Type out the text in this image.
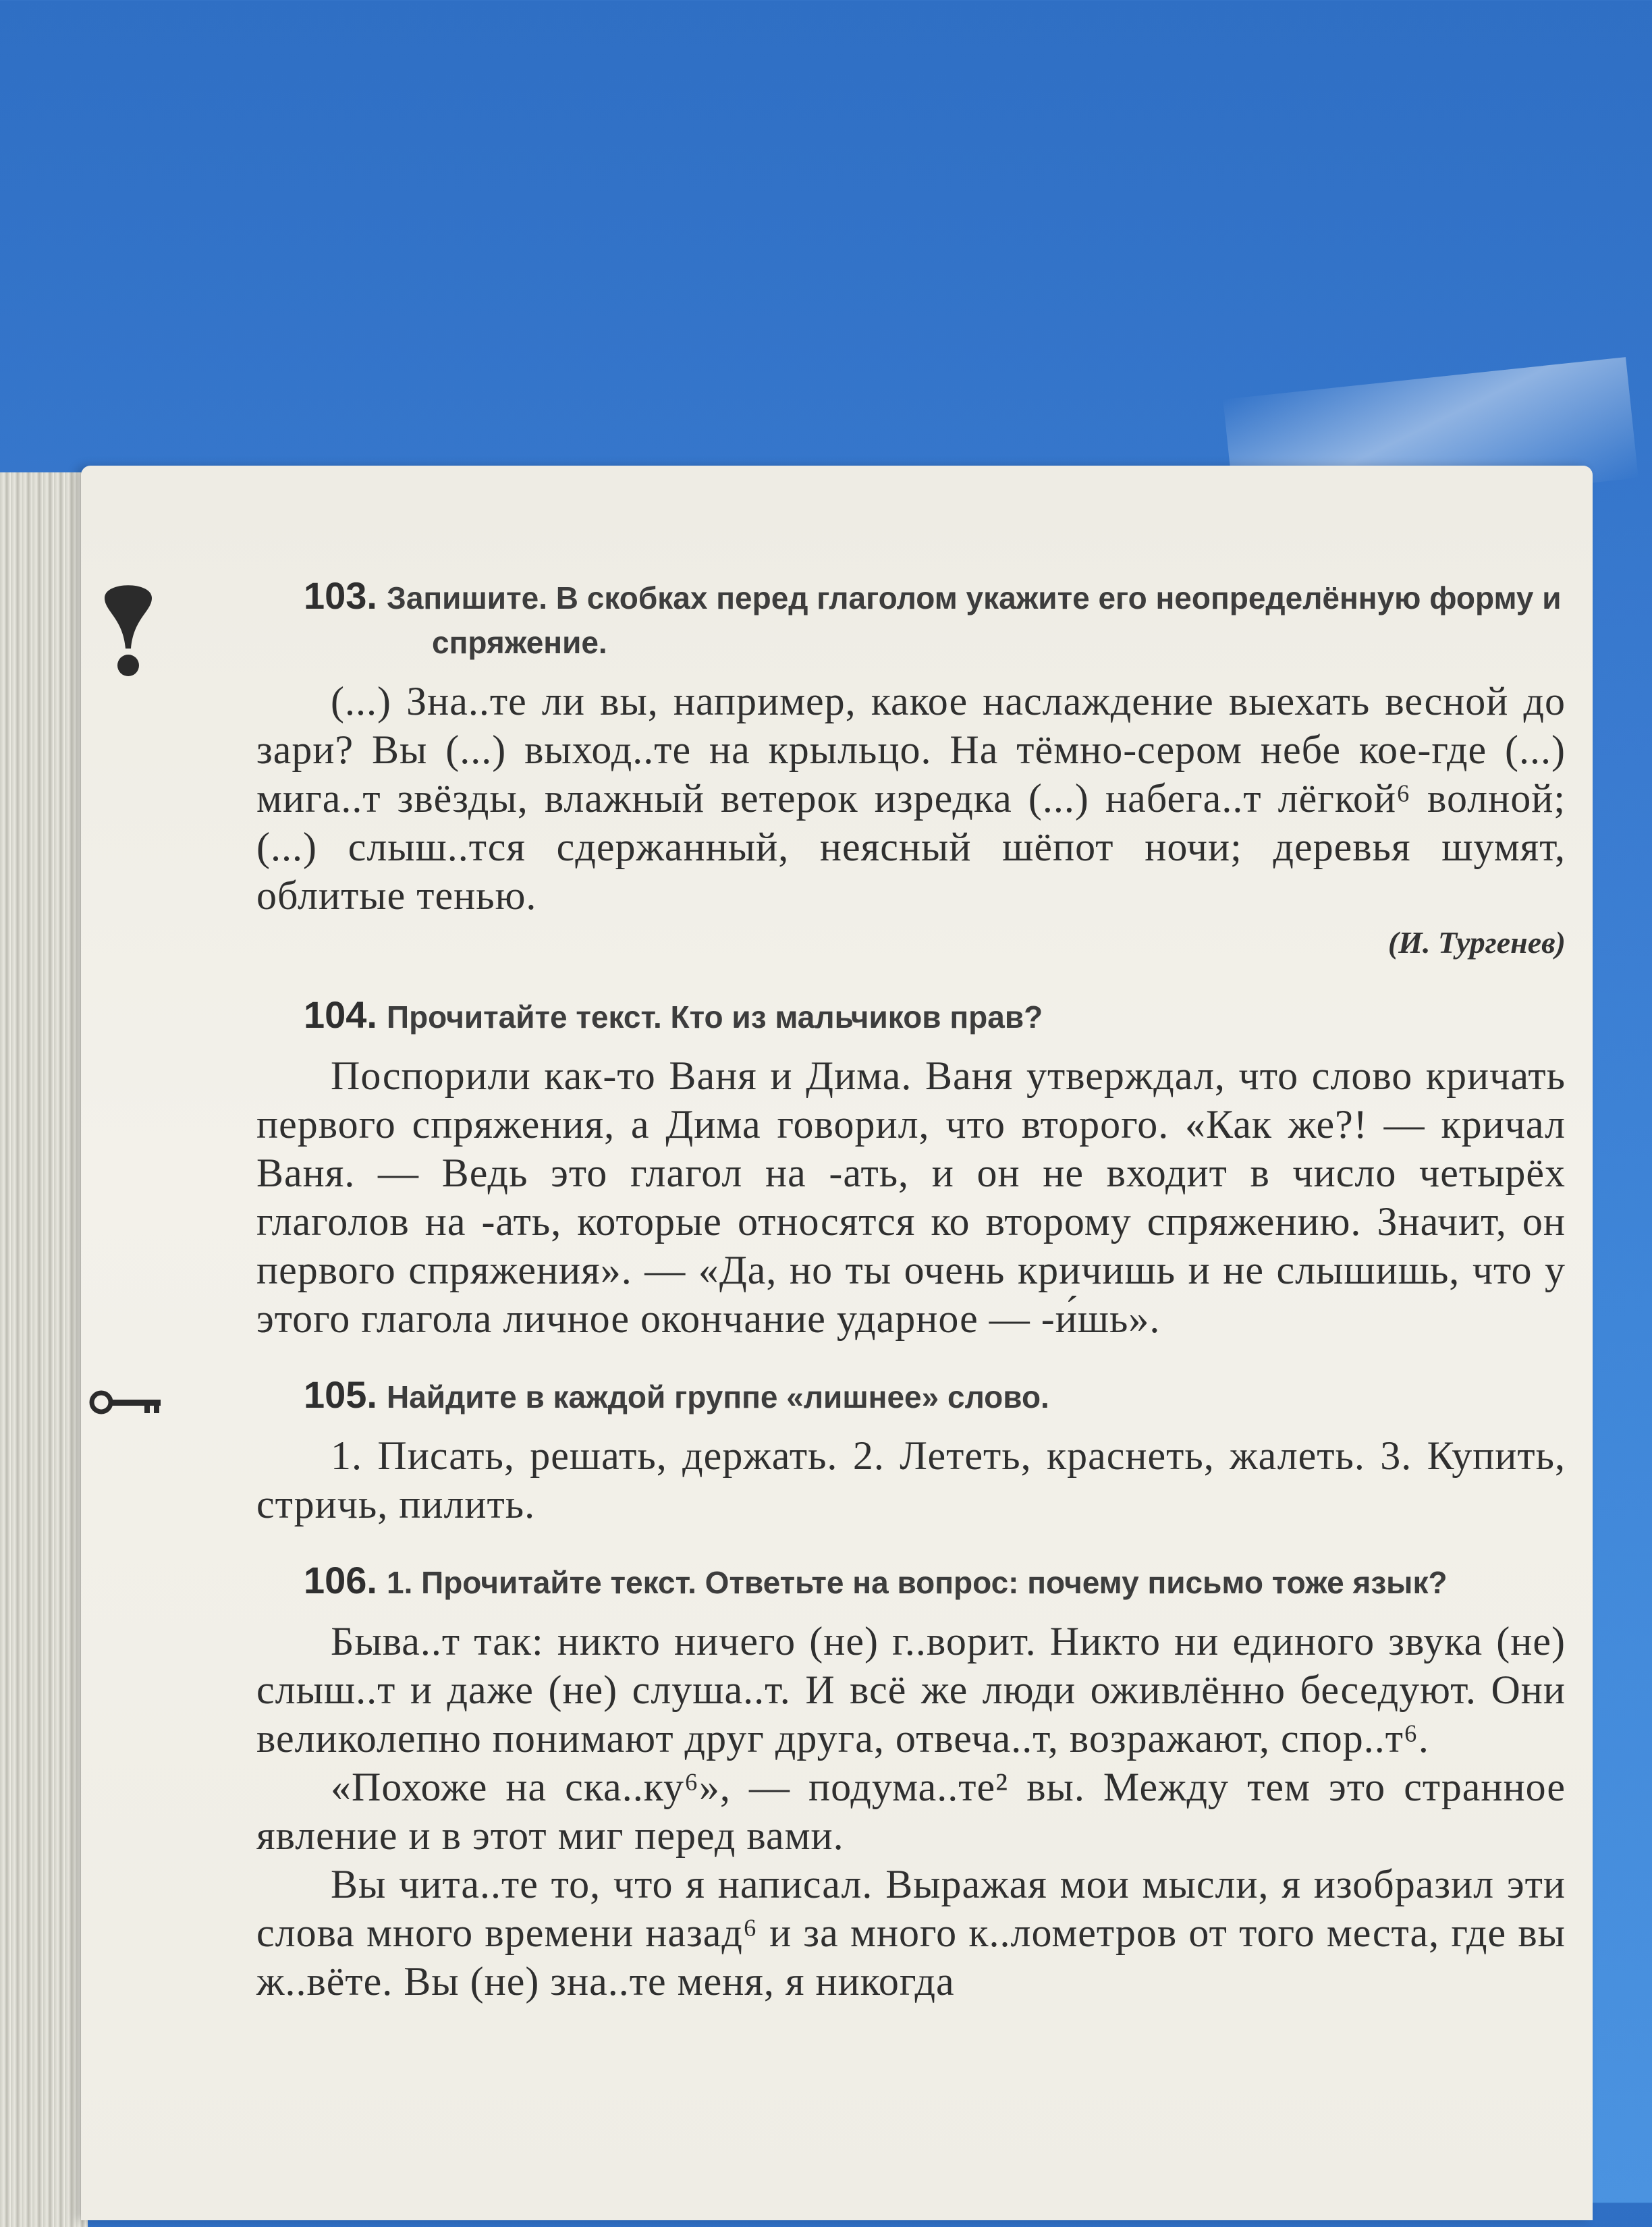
103. Запишите. В скобках перед глаголом укажите его неопределённую форму и спряжение.
(...) Зна..те ли вы, например, какое наслаждение выехать весной до зари? Вы (...) выход..те на крыльцо. На тёмно-сером небе кое-где (...) мига..т звёзды, влажный ветерок изредка (...) набега..т лёгкой⁶ волной; (...) слыш..тся сдержанный, неясный шёпот ночи; деревья шумят, облитые тенью.
(И. Тургенев)
104. Прочитайте текст. Кто из мальчиков прав?
Поспорили как-то Ваня и Дима. Ваня утверждал, что слово кричать первого спряжения, а Дима говорил, что второго. «Как же?! — кричал Ваня. — Ведь это глагол на -ать, и он не входит в число четырёх глаголов на -ать, которые относятся ко второму спряжению. Значит, он первого спряжения». — «Да, но ты очень кричишь и не слышишь, что у этого глагола личное окончание ударное — -и́шь».
105. Найдите в каждой группе «лишнее» слово.
1. Писать, решать, держать. 2. Лететь, краснеть, жалеть. 3. Купить, стричь, пилить.
106. 1. Прочитайте текст. Ответьте на вопрос: почему письмо тоже язык?
Быва..т так: никто ничего (не) г..ворит. Никто ни единого звука (не) слыш..т и даже (не) слуша..т. И всё же люди оживлённо беседуют. Они великолепно понимают друг друга, отвеча..т, возражают, спор..т⁶.
«Похоже на ска..ку⁶», — подума..те² вы. Между тем это странное явление и в этот миг перед вами.
Вы чита..те то, что я написал. Выражая мои мысли, я изобразил эти слова много времени назад⁶ и за много к..лометров от того места, где вы ж..вёте. Вы (не) зна..те меня, я никогда
